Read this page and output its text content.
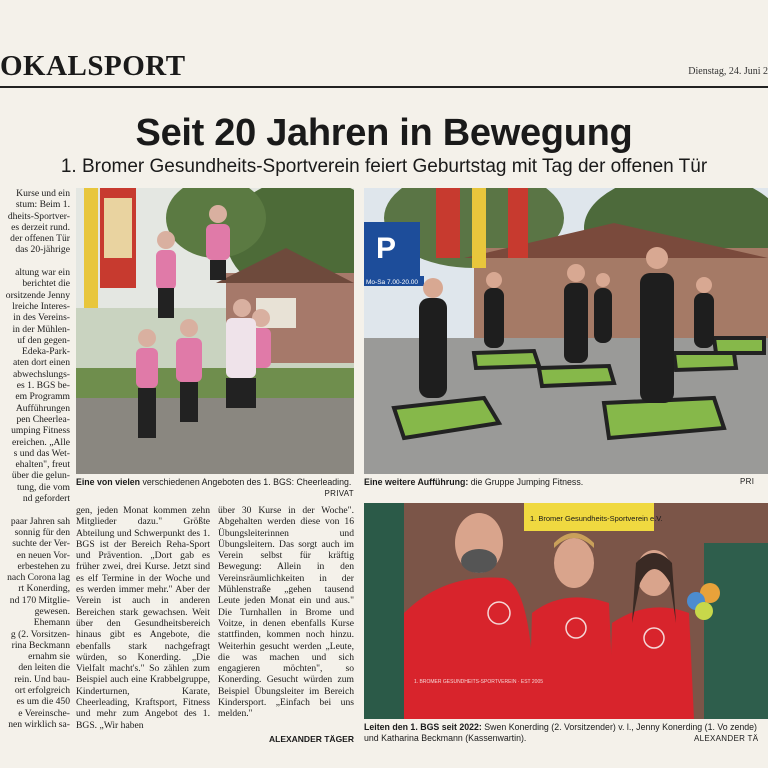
OKALSPORT	Dienstag, 24. Juni 2
Seit 20 Jahren in Bewegung
1. Bromer Gesundheits-Sportverein feiert Geburtstag mit Tag der offenen Tür
Kurse und ein
stum: Beim 1.
dheits-Sportver-
es derzeit rund.
der offenen Tür
das 20-jährige

altung war ein
berichtet die
orsitzende Jenny
lreiche Interes-
in des Vereins-
in der Mühlen-
uf den gegen-
Edeka-Park-
aten dort einen
abwechslungs-
es 1. BGS be-
em Programm
Aufführungen
pen Cheerlea-
umping Fitness
ereichen. „Alle
s und das Wet-
ehalten", freut
über die gelun-
tung, die vom
nd gefordert

paar Jahren sah
sonnig für den
suchte der Ver-
en neuen Vor-
erbestehen zu
nach Corona lag
rt Konerding,
nd 170 Mitglie-
gewesen. Ehemann
g (2. Vorsitzen-
rina Beckmann
ernahm sie
den leiten die
rein. Und bau-
ort erfolgreich
es um die 450
e Vereinsche-
nen wirklich sa-
Eine von vielen verschiedenen Angeboten des 1. BGS: Cheerleading.
PRIVAT
P
Mo-Sa 7.00-20.00
Eine weitere Aufführung: die Gruppe Jumping Fitness.	PRI

gen, jeden Monat kommen zehn Mitglieder dazu." Größte Abteilung und Schwerpunkt des 1. BGS ist der Bereich Reha-Sport und Prävention. „Dort gab es früher zwei, drei Kurse. Jetzt sind es elf Termine in der Woche und es werden immer mehr." Aber der Verein ist auch in anderen Bereichen stark gewachsen. Weit über den Gesundheitsbereich hinaus gibt es Angebote, die ebenfalls stark nachgefragt würden, so Konerding. „Die Vielfalt macht's." So zählen zum Beispiel auch eine Krabbelgruppe, Kinderturnen, Karate, Cheerleading, Kraftsport, Fitness und mehr zum Angebot des 1. BGS. „Wir haben

über 30 Kurse in der Woche". Abgehalten werden diese von 16 Übungsleiterinnen und Übungsleitern. Das sorgt auch im Verein selbst für kräftig Bewegung: Allein in den Vereinsräumlichkeiten in der Mühlenstraße „gehen tausend Leute jeden Monat ein und aus." Die Turnhallen in Brome und Voitze, in denen ebenfalls Kurse stattfinden, kommen noch hinzu. Weiterhin gesucht werden „Leute, die was machen und sich engagieren möchten", so Konerding. Gesucht würden zum Beispiel Übungsleiter im Bereich Kindersport. „Einfach bei uns melden."

ALEXANDER TÄGER
1. Bromer Gesundheits-Sportverein e.V.
1. BROMER GESUNDHEITS-SPORTVEREIN · EST 2005
Leiten den 1. BGS seit 2022: Swen Konerding (2. Vorsitzender) v. l., Jenny Konerding (1. Vo zende) und Katharina Beckmann (Kassenwartin).	ALEXANDER TÄ
